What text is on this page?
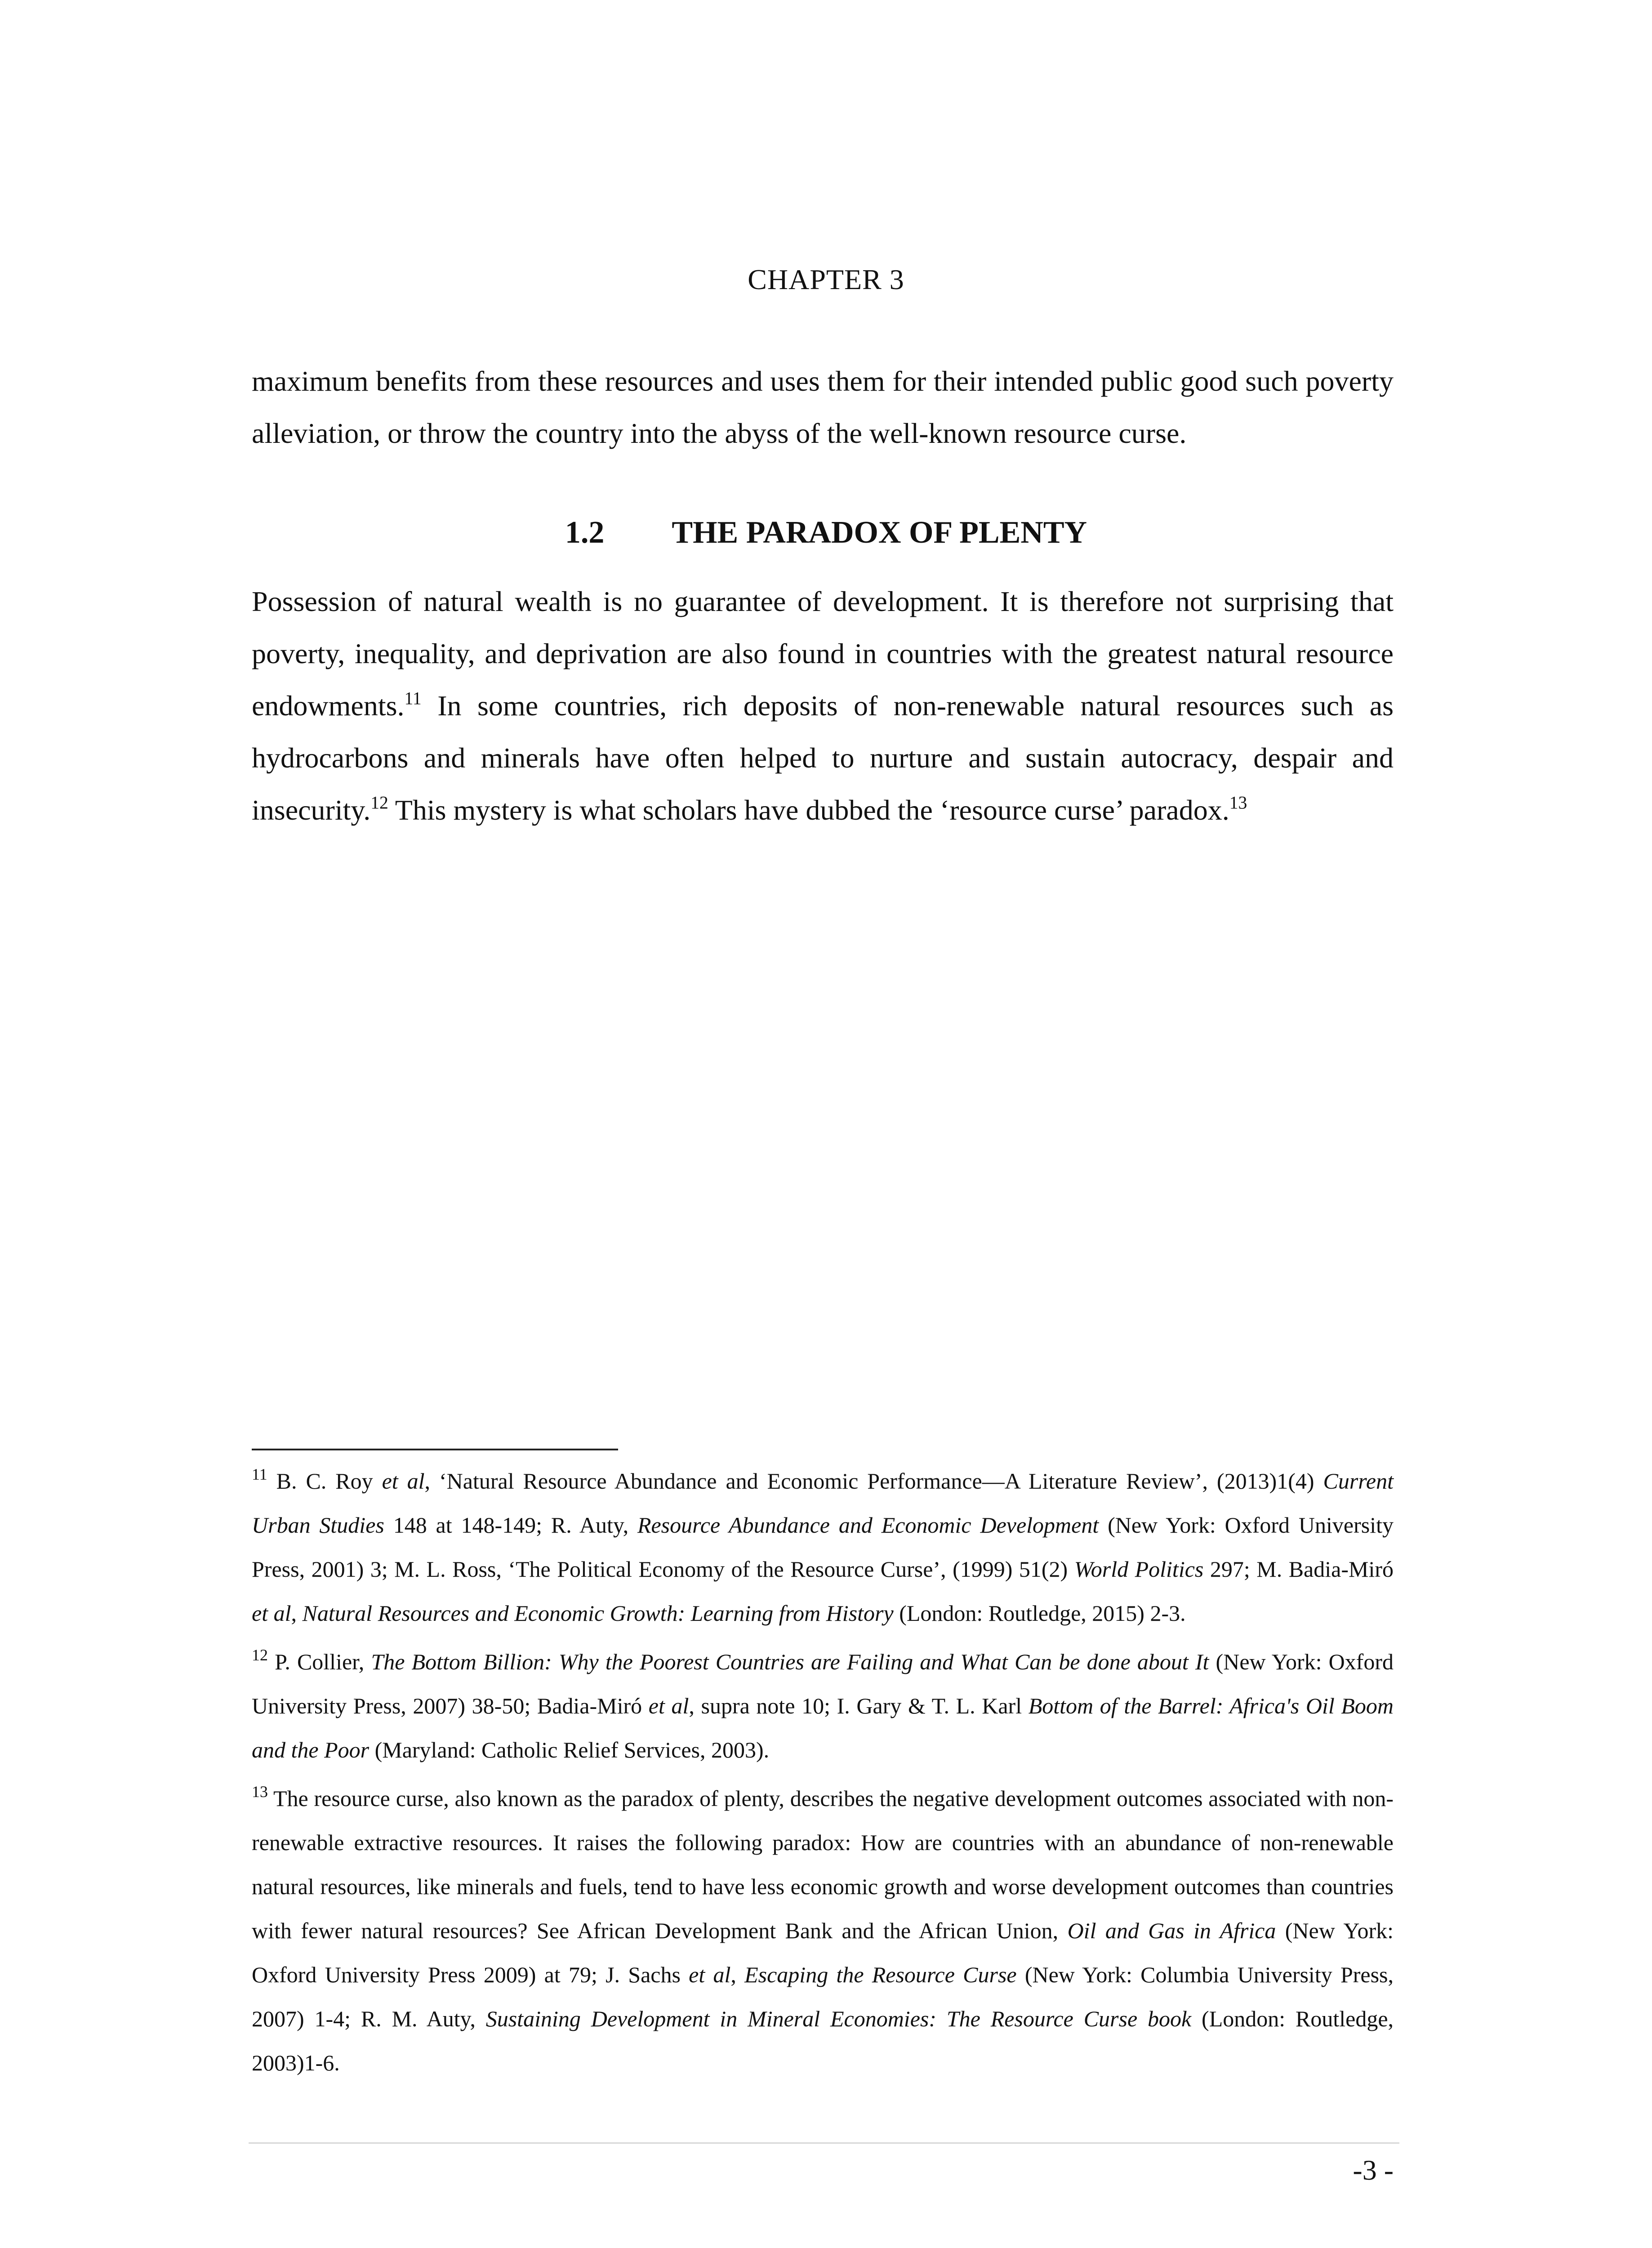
CHAPTER 3

maximum benefits from these resources and uses them for their intended public good such poverty alleviation, or throw the country into the abyss of the well-known resource curse.

1.2 THE PARADOX OF PLENTY

Possession of natural wealth is no guarantee of development. It is therefore not surprising that poverty, inequality, and deprivation are also found in countries with the greatest natural resource endowments.$^{11}$ In some countries, rich deposits of non-renewable natural resources such as hydrocarbons and minerals have often helped to nurture and sustain autocracy, despair and insecurity.$^{12}$ This mystery is what scholars have dubbed the ‘resource curse’ paradox.$^{13}$

$^{11}$ B. C. Roy et al, ‘Natural Resource Abundance and Economic Performance—A Literature Review’, (2013)1(4) Current Urban Studies 148 at 148-149; R. Auty, Resource Abundance and Economic Development (New York: Oxford University Press, 2001) 3; M. L. Ross, ‘The Political Economy of the Resource Curse’, (1999) 51(2) World Politics 297; M. Badia-Miró et al, Natural Resources and Economic Growth: Learning from History (London: Routledge, 2015) 2-3.

$^{12}$ P. Collier, The Bottom Billion: Why the Poorest Countries are Failing and What Can be done about It (New York: Oxford University Press, 2007) 38-50; Badia-Miró et al, supra note 10; I. Gary & T. L. Karl Bottom of the Barrel: Africa's Oil Boom and the Poor (Maryland: Catholic Relief Services, 2003).

$^{13}$ The resource curse, also known as the paradox of plenty, describes the negative development outcomes associated with non-renewable extractive resources. It raises the following paradox: How are countries with an abundance of non-renewable natural resources, like minerals and fuels, tend to have less economic growth and worse development outcomes than countries with fewer natural resources? See African Development Bank and the African Union, Oil and Gas in Africa (New York: Oxford University Press 2009) at 79; J. Sachs et al, Escaping the Resource Curse (New York: Columbia University Press, 2007) 1-4; R. M. Auty, Sustaining Development in Mineral Economies: The Resource Curse book (London: Routledge, 2003)1-6.

-3 -
